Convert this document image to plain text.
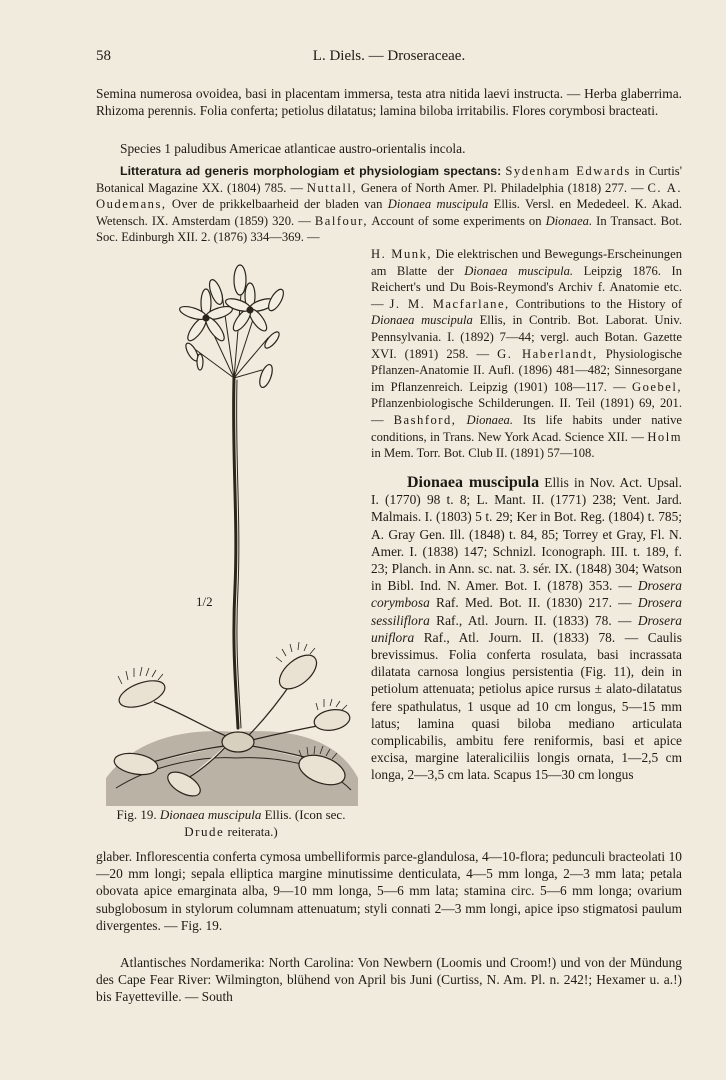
58	L. Diels. — Droseraceae.

Semina numerosa ovoidea, basi in placentam immersa, testa atra nitida laevi instructa. — Herba glaberrima. Rhizoma perennis. Folia conferta; petiolus dilatatus; lamina biloba irritabilis. Flores corymbosi bracteati.

Species 1 paludibus Americae atlanticae austro-orientalis incola.

Litteratura ad generis morphologiam et physiologiam spectans: Sydenham Edwards in Curtis' Botanical Magazine XX. (1804) 785. — Nuttall, Genera of North Amer. Pl. Philadelphia (1818) 277. — C. A. Oudemans, Over de prikkelbaarheid der bladen van Dionaea muscipula Ellis. Versl. en Mededeel. K. Akad. Wetensch. IX. Amsterdam (1859) 320. — Balfour, Account of some experiments on Dionaea. In Transact. Bot. Soc. Edinburgh XII. 2. (1876) 334—369. —

H. Munk, Die elektrischen und Bewegungs-Erscheinungen am Blatte der Dionaea muscipula. Leipzig 1876. In Reichert's und Du Bois-Reymond's Archiv f. Anatomie etc. — J. M. Macfarlane, Contributions to the History of Dionaea muscipula Ellis, in Contrib. Bot. Laborat. Univ. Pennsylvania. I. (1892) 7—44; vergl. auch Botan. Gazette XVI. (1891) 258. — G. Haberlandt, Physiologische Pflanzen-Anatomie II. Aufl. (1896) 481—482; Sinnesorgane im Pflanzenreich. Leipzig (1901) 108—117. — Goebel, Pflanzenbiologische Schilderungen. II. Teil (1891) 69, 201. — Bashford, Dionaea. Its life habits under native conditions, in Trans. New York Acad. Science XII. — Holm in Mem. Torr. Bot. Club II. (1891) 57—108.

Dionaea muscipula Ellis in Nov. Act. Upsal. I. (1770) 98 t. 8; L. Mant. II. (1771) 238; Vent. Jard. Malmais. I. (1803) 5 t. 29; Ker in Bot. Reg. (1804) t. 785; A. Gray Gen. Ill. (1848) t. 84, 85; Torrey et Gray, Fl. N. Amer. I. (1838) 147; Schnizl. Iconograph. III. t. 189, f. 23; Planch. in Ann. sc. nat. 3. sér. IX. (1848) 304; Watson in Bibl. Ind. N. Amer. Bot. I. (1878) 353. — Drosera corymbosa Raf. Med. Bot. II. (1830) 217. — Drosera sessiliflora Raf., Atl. Journ. II. (1833) 78. — Drosera uniflora Raf., Atl. Journ. II. (1833) 78. — Caulis brevissimus. Folia conferta rosulata, basi incrassata dilatata carnosa longius persistentia (Fig. 11), dein in petiolum attenuata; petiolus apice rursus ± alato-dilatatus fere spathulatus, 1 usque ad 10 cm longus, 5—15 mm latus; lamina quasi biloba mediano articulata complicabilis, ambitu fere reniformis, basi et apice excisa, margine lateraliciliis longis ornata, 1—2,5 cm longa, 2—3,5 cm lata. Scapus 15—30 cm longus

1/2
Fig. 19. Dionaea muscipula Ellis. (Icon sec.
Drude reiterata.)

glaber. Inflorescentia conferta cymosa umbelliformis parce-glandulosa, 4—10-flora; pedunculi bracteolati 10—20 mm longi; sepala elliptica margine minutissime denticulata, 4—5 mm longa, 2—3 mm lata; petala obovata apice emarginata alba, 9—10 mm longa, 5—6 mm lata; stamina circ. 5—6 mm longa; ovarium subglobosum in stylorum columnam attenuatum; styli connati 2—3 mm longi, apice ipso stigmatosi paulum divergentes. — Fig. 19.

Atlantisches Nordamerika: North Carolina: Von Newbern (Loomis und Croom!) und von der Mündung des Cape Fear River: Wilmington, blühend von April bis Juni (Curtiss, N. Am. Pl. n. 242!; Hexamer u. a.!) bis Fayetteville. — South
